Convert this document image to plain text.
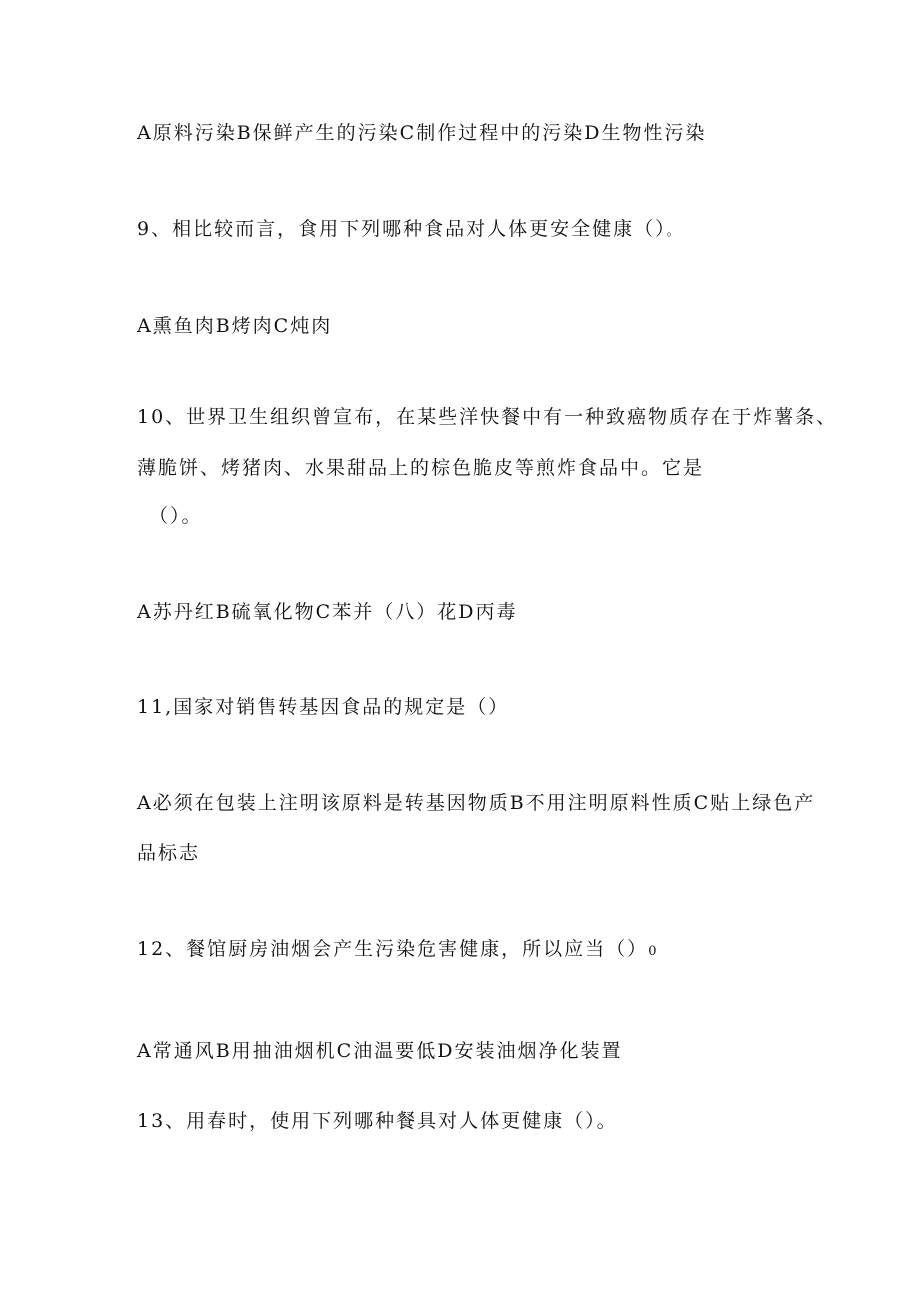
A原料污染B保鲜产生的污染C制作过程中的污染D生物性污染
9、相比较而言，食用下列哪种食品对人体更安全健康（）。
A熏鱼肉B烤肉C炖肉
10、世界卫生组织曾宣布，在某些洋快餐中有一种致癌物质存在于炸薯条、
薄脆饼、烤猪肉、水果甜品上的棕色脆皮等煎炸食品中。它是
（）。
A苏丹红B硫氧化物C苯并（八）花D丙毒
11,国家对销售转基因食品的规定是（）
A必须在包装上注明该原料是转基因物质B不用注明原料性质C贴上绿色产
品标志
12、餐馆厨房油烟会产生污染危害健康，所以应当（）0
A常通风B用抽油烟机C油温要低D安装油烟净化装置
13、用春时，使用下列哪种餐具对人体更健康（）。
